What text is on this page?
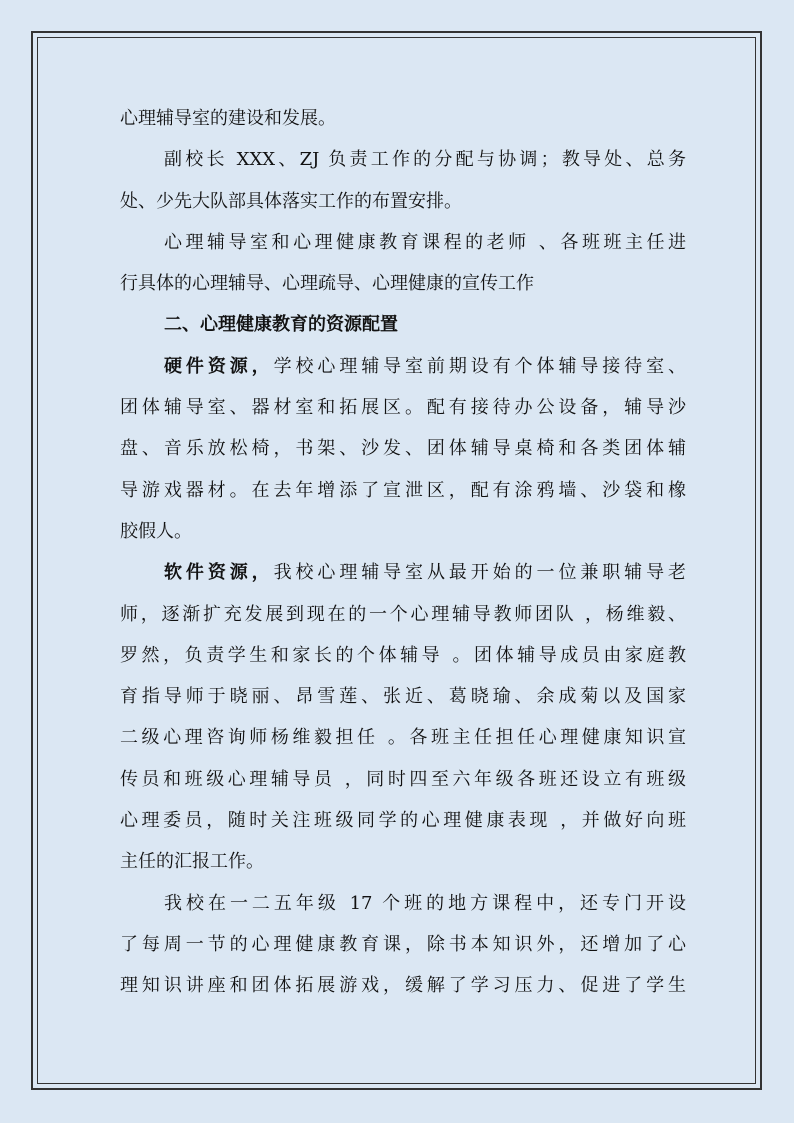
心理辅导室的建设和发展。
副校长 XXX、ZJ 负责工作的分配与协调；教导处、总务
处、少先大队部具体落实工作的布置安排。
心理辅导室和心理健康教育课程的老师 、各班班主任进
行具体的心理辅导、心理疏导、心理健康的宣传工作
二、心理健康教育的资源配置
硬件资源，学校心理辅导室前期设有个体辅导接待室、
团体辅导室、器材室和拓展区。配有接待办公设备，辅导沙
盘、音乐放松椅，书架、沙发、团体辅导桌椅和各类团体辅
导游戏器材。在去年增添了宣泄区，配有涂鸦墙、沙袋和橡
胶假人。
软件资源，我校心理辅导室从最开始的一位兼职辅导老
师，逐渐扩充发展到现在的一个心理辅导教师团队 ，杨维毅、
罗然，负责学生和家长的个体辅导 。团体辅导成员由家庭教
育指导师于晓丽、昂雪莲、张近、葛晓瑜、余成菊以及国家
二级心理咨询师杨维毅担任 。各班主任担任心理健康知识宣
传员和班级心理辅导员 ，同时四至六年级各班还设立有班级
心理委员，随时关注班级同学的心理健康表现 ，并做好向班
主任的汇报工作。
我校在一二五年级 17 个班的地方课程中，还专门开设
了每周一节的心理健康教育课，除书本知识外，还增加了心
理知识讲座和团体拓展游戏，缓解了学习压力、促进了学生
